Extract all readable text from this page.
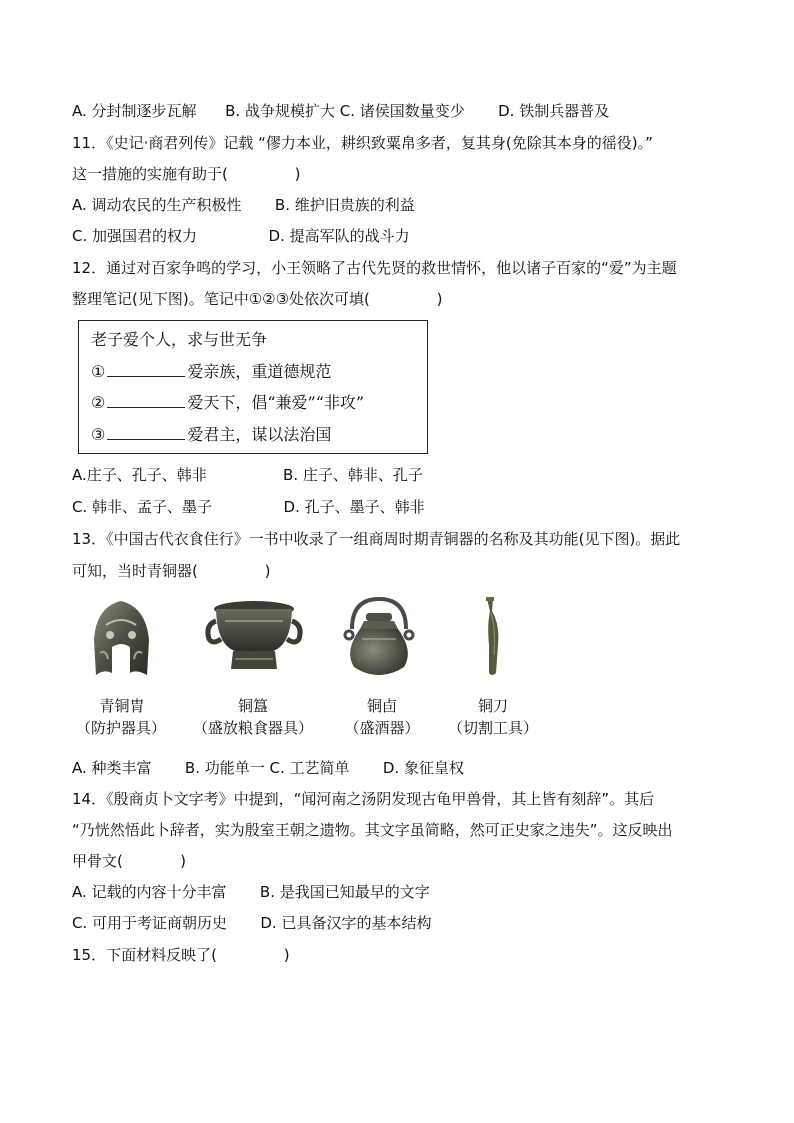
A. 分封制逐步瓦解      B. 战争规模扩大 C. 诸侯国数量变少       D. 铁制兵器普及
11．《史记·商君列传》记载 “僇力本业，耕织致粟帛多者，复其身(免除其本身的徭役)。”
这一措施的实施有助于(              )
A. 调动农民的生产积极性       B. 维护旧贵族的利益
C. 加强国君的权力               D. 提高军队的战斗力
12．通过对百家争鸣的学习，小王领略了古代先贤的救世情怀，他以诸子百家的“爱”为主题
整理笔记(见下图)。笔记中①②③处依次可填(              )
老子爱个人，求与世无争
①	爱亲族，重道德规范
②	爱天下，倡“兼爱”“非攻”
③	爱君主，谋以法治国
A.庄子、孔子、韩非                B. 庄子、韩非、孔子
C. 韩非、孟子、墨子               D. 孔子、墨子、韩非
13．《中国古代衣食住行》一书中收录了一组商周时期青铜器的名称及其功能(见下图)。据此
可知，当时青铜器(              )
青铜胄
（防护器具）
铜簋
（盛放粮食器具）
铜卣
（盛酒器）
铜刀
（切割工具）
A. 种类丰富       B. 功能单一 C. 工艺简单       D. 象征皇权
14．《殷商贞卜文字考》中提到，“闻河南之汤阴发现古龟甲兽骨，其上皆有刻辞”。其后
“乃恍然悟此卜辞者，实为殷室王朝之遗物。其文字虽简略，然可正史家之违失”。这反映出
甲骨文(            )
A. 记载的内容十分丰富       B. 是我国已知最早的文字
C. 可用于考证商朝历史       D. 已具备汉字的基本结构
15．下面材料反映了(              )
